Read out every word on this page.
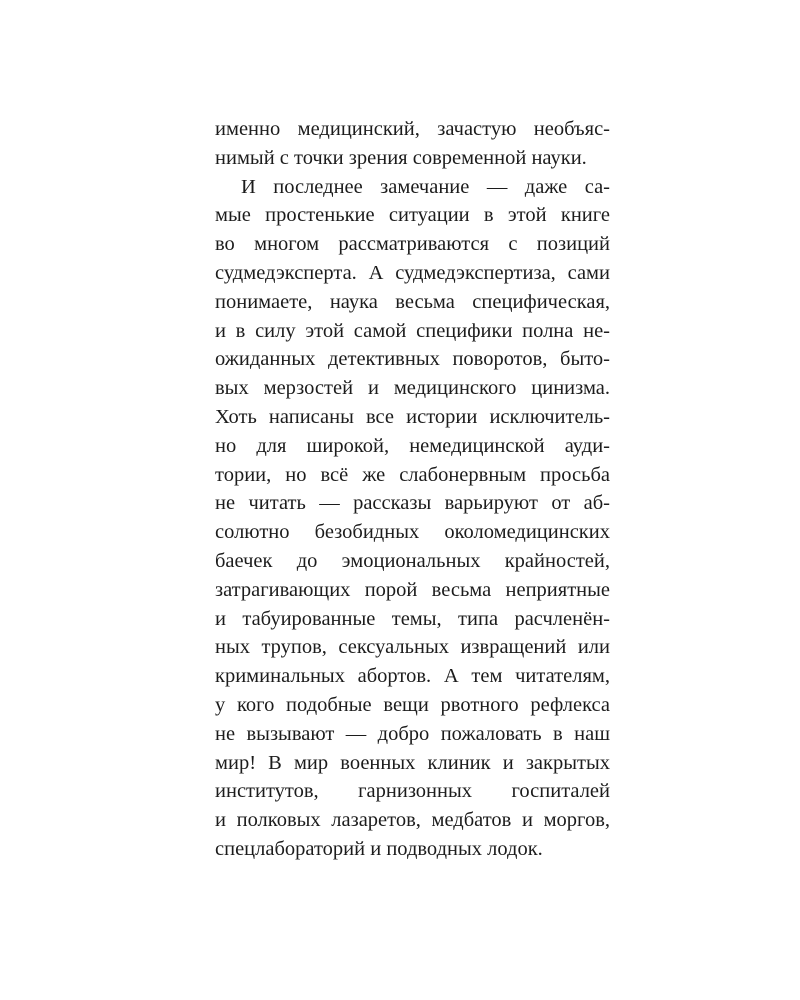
именно медицинский, зачастую необъяс-
нимый с точки зрения современной науки.
И последнее замечание — даже са-
мые простенькие ситуации в этой книге
во многом рассматриваются с позиций
судмедэксперта. А судмедэкспертиза, сами
понимаете, наука весьма специфическая,
и в силу этой самой специфики полна не-
ожиданных детективных поворотов, быто-
вых мерзостей и медицинского цинизма.
Хоть написаны все истории исключитель-
но для широкой, немедицинской ауди-
тории, но всё же слабонервным просьба
не читать — рассказы варьируют от аб-
солютно безобидных околомедицинских
баечек до эмоциональных крайностей,
затрагивающих порой весьма неприятные
и табуированные темы, типа расчленён-
ных трупов, сексуальных извращений или
криминальных абортов. А тем читателям,
у кого подобные вещи рвотного рефлекса
не вызывают — добро пожаловать в наш
мир! В мир военных клиник и закрытых
институтов, гарнизонных госпиталей
и полковых лазаретов, медбатов и моргов,
спецлабораторий и подводных лодок.
